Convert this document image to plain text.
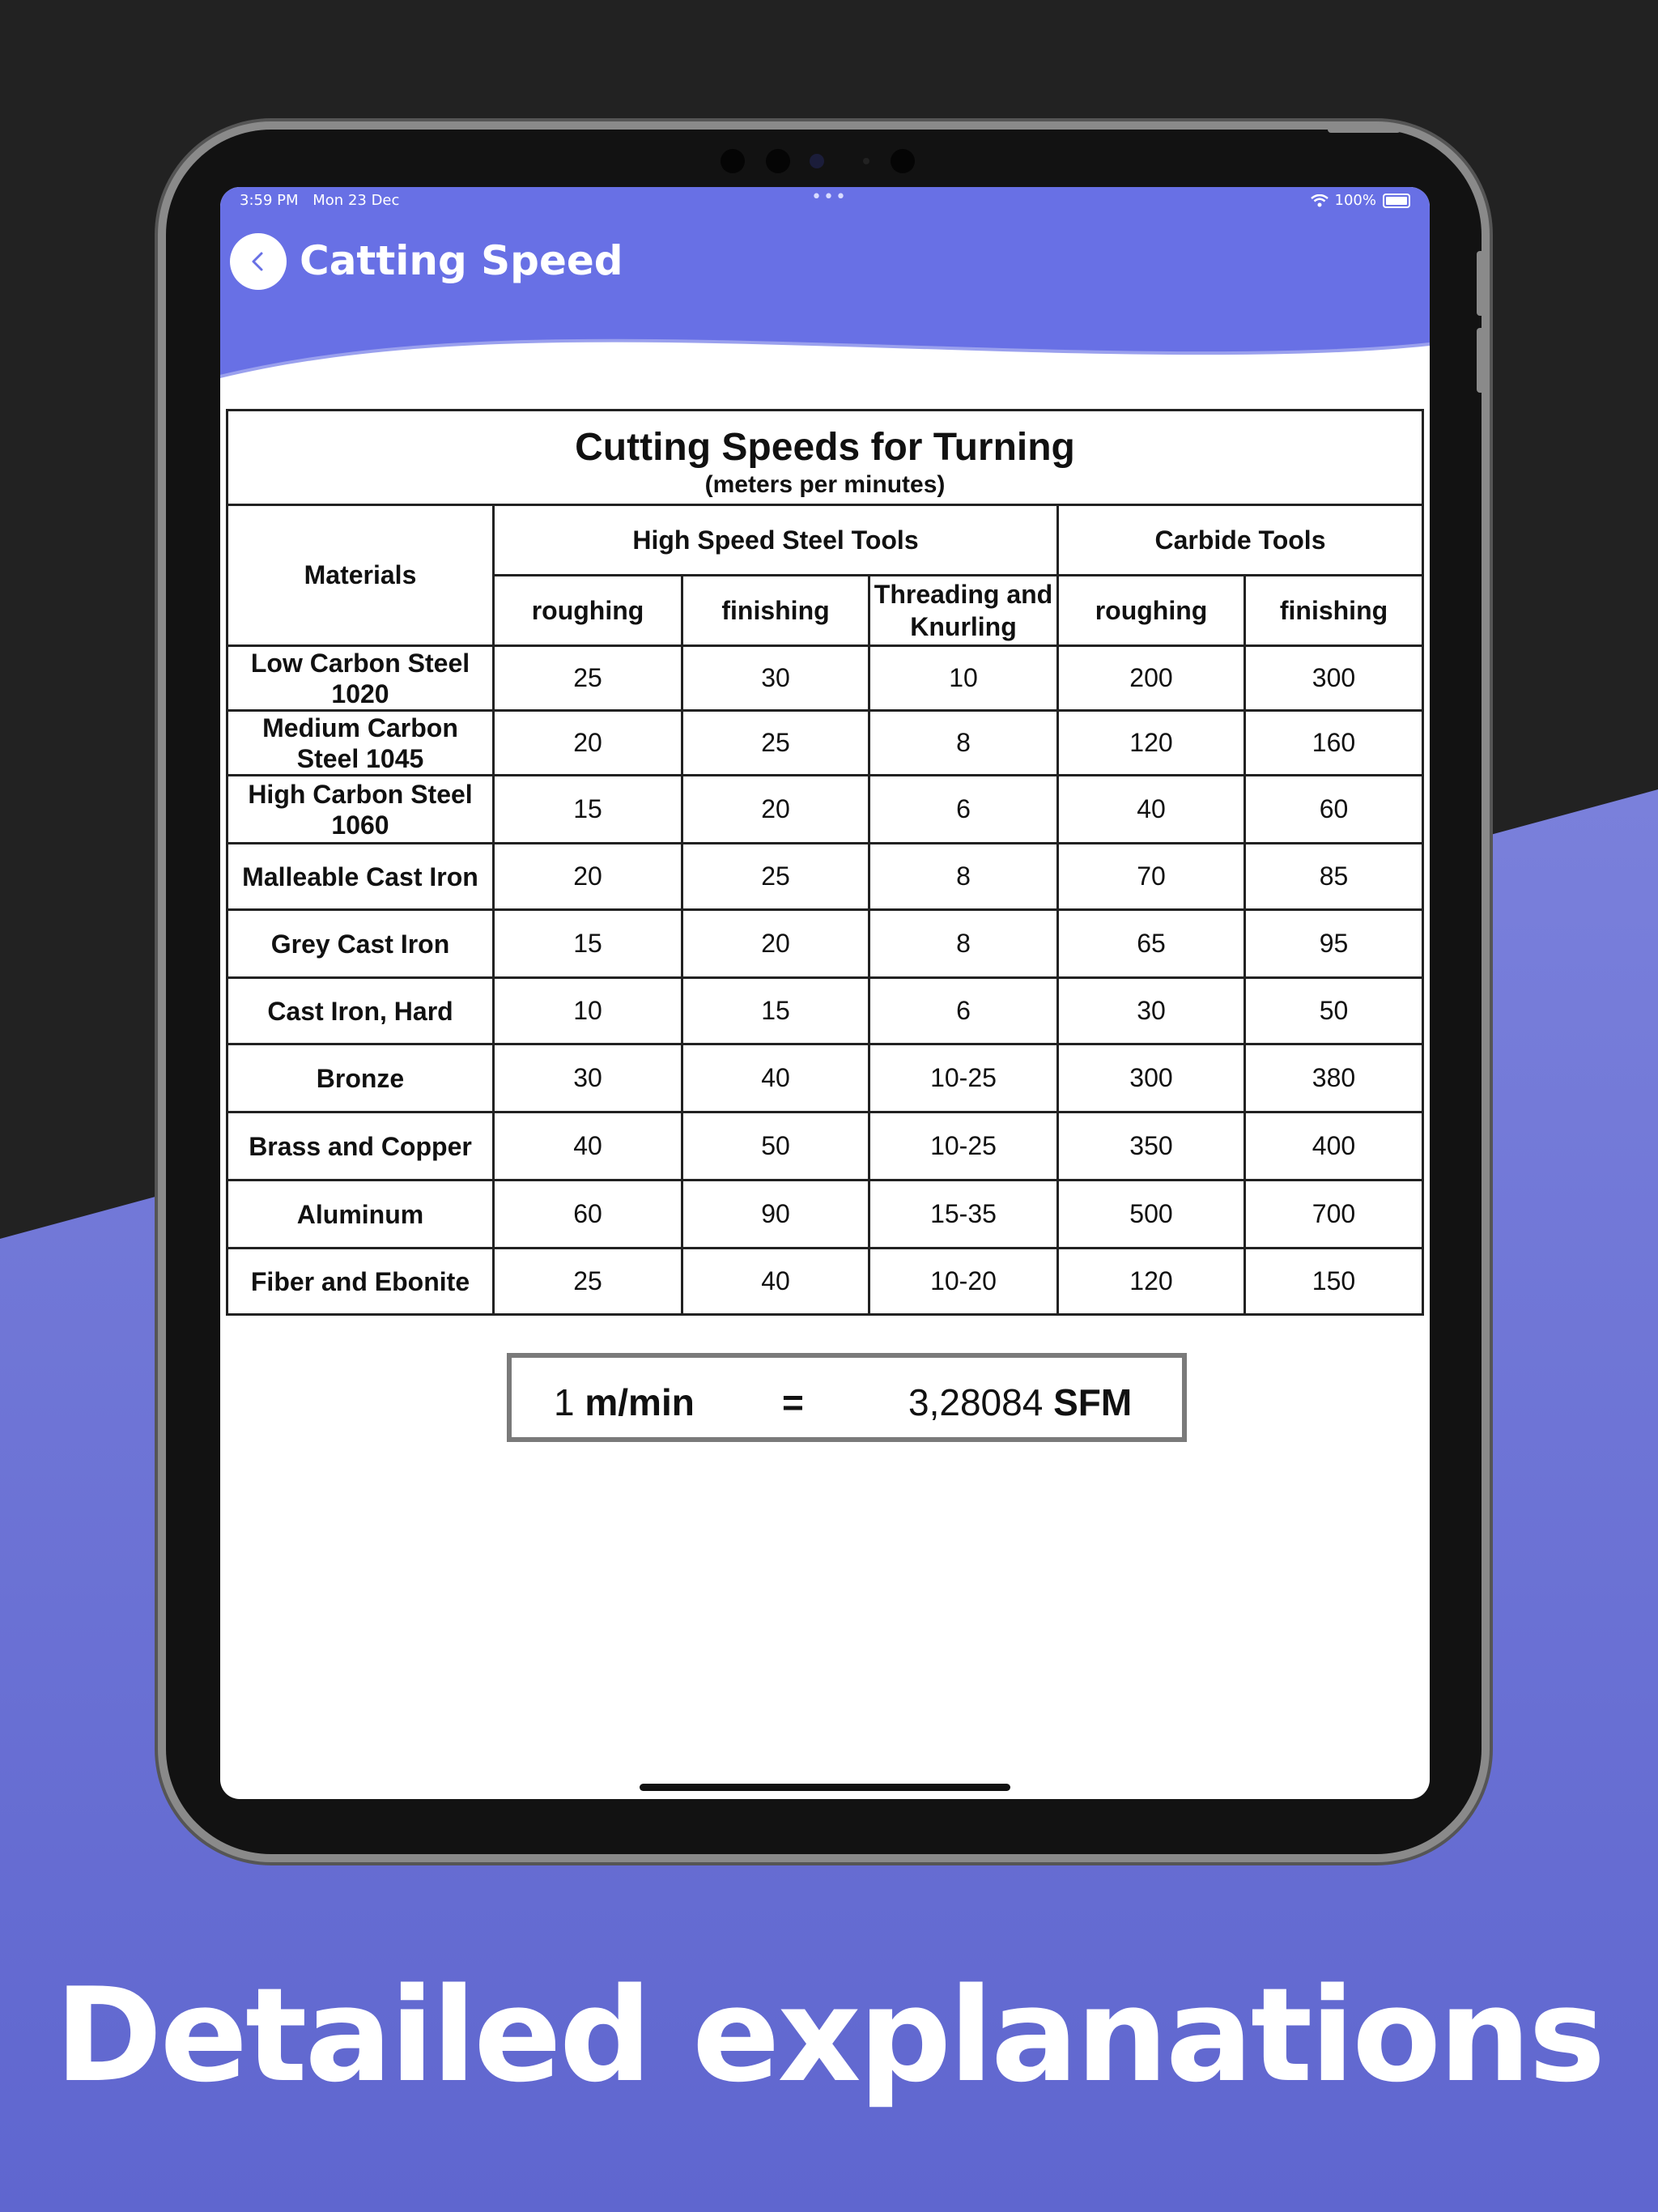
3:59 PM Mon 23 Dec	•••	100%
Catting Speed
Cutting Speeds for Turning
(meters per minutes)					

Materials	High Speed Steel Tools			Carbide Tools	
	roughing	finishing	Threading and Knurling	roughing	finishing
Low Carbon Steel 1020	25	30	10	200	300
Medium Carbon Steel 1045	20	25	8	120	160
High Carbon Steel 1060	15	20	6	40	60
Malleable Cast Iron	20	25	8	70	85
Grey Cast Iron	15	20	8	65	95
Cast Iron, Hard	10	15	6	30	50
Bronze	30	40	10-25	300	380
Brass and Copper	40	50	10-25	350	400
Aluminum	60	90	15-35	500	700
Fiber and Ebonite	25	40	10-20	120	150
1 m/min =	3,28084 SFM
Detailed explanations
